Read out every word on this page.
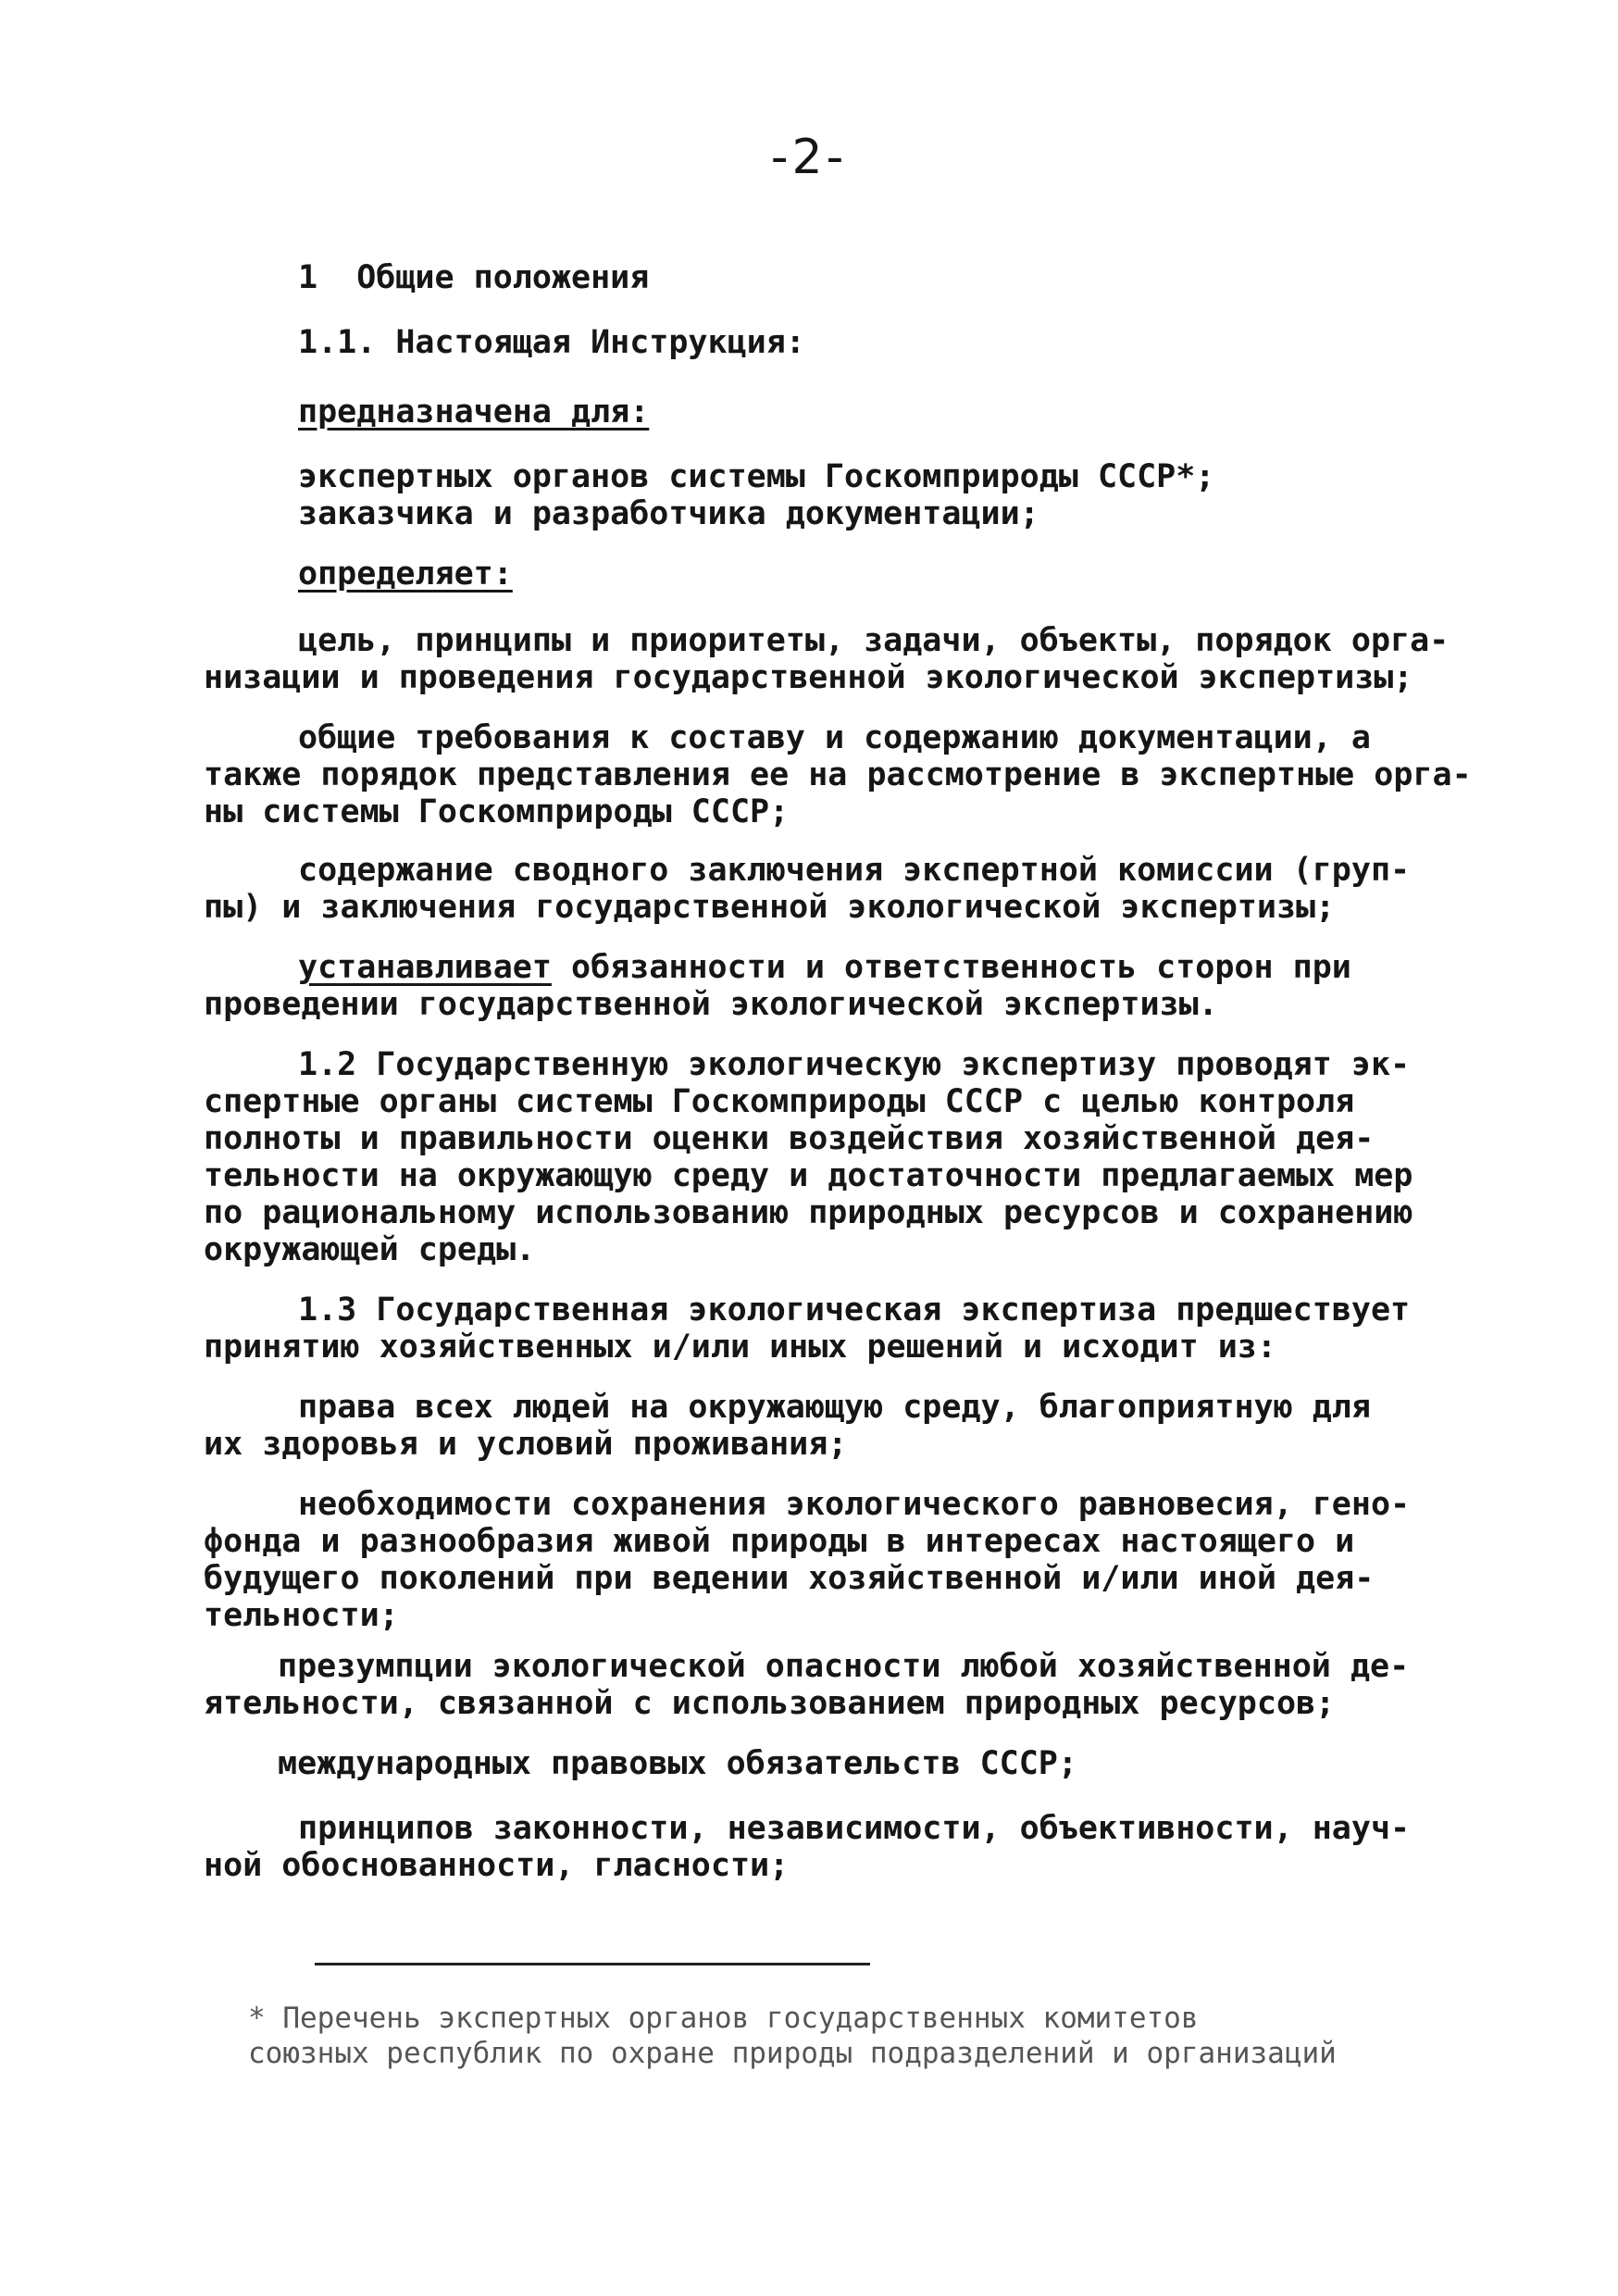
-2-
1  Общие положения
1.1. Настоящая Инструкция:
предназначена для:
экспертных органов системы Госкомприроды СССР*;
заказчика и разработчика документации;
определяет:
цель, принципы и приоритеты, задачи, объекты, порядок орга-
низации и проведения государственной экологической экспертизы;
общие требования к составу и содержанию документации, а
также порядок представления ее на рассмотрение в экспертные орга-
ны системы Госкомприроды СССР;
содержание сводного заключения экспертной комиссии (груп-
пы) и заключения государственной экологической экспертизы;
устанавливает обязанности и ответственность сторон при
проведении государственной экологической экспертизы.
1.2 Государственную экологическую экспертизу проводят эк-
спертные органы системы Госкомприроды СССР с целью контроля
полноты и правильности оценки воздействия хозяйственной дея-
тельности на окружающую среду и достаточности предлагаемых мер
по рациональному использованию природных ресурсов и сохранению
окружающей среды.
1.3 Государственная экологическая экспертиза предшествует
принятию хозяйственных и/или иных решений и исходит из:
права всех людей на окружающую среду, благоприятную для
их здоровья и условий проживания;
необходимости сохранения экологического равновесия, гено-
фонда и разнообразия живой природы в интересах настоящего и
будущего поколений при ведении хозяйственной и/или иной дея-
тельности;
презумпции экологической опасности любой хозяйственной де-
ятельности, связанной с использованием природных ресурсов;
международных правовых обязательств СССР;
принципов законности, независимости, объективности, науч-
ной обоснованности, гласности;
* Перечень экспертных органов государственных комитетов
союзных республик по охране природы подразделений и организаций
